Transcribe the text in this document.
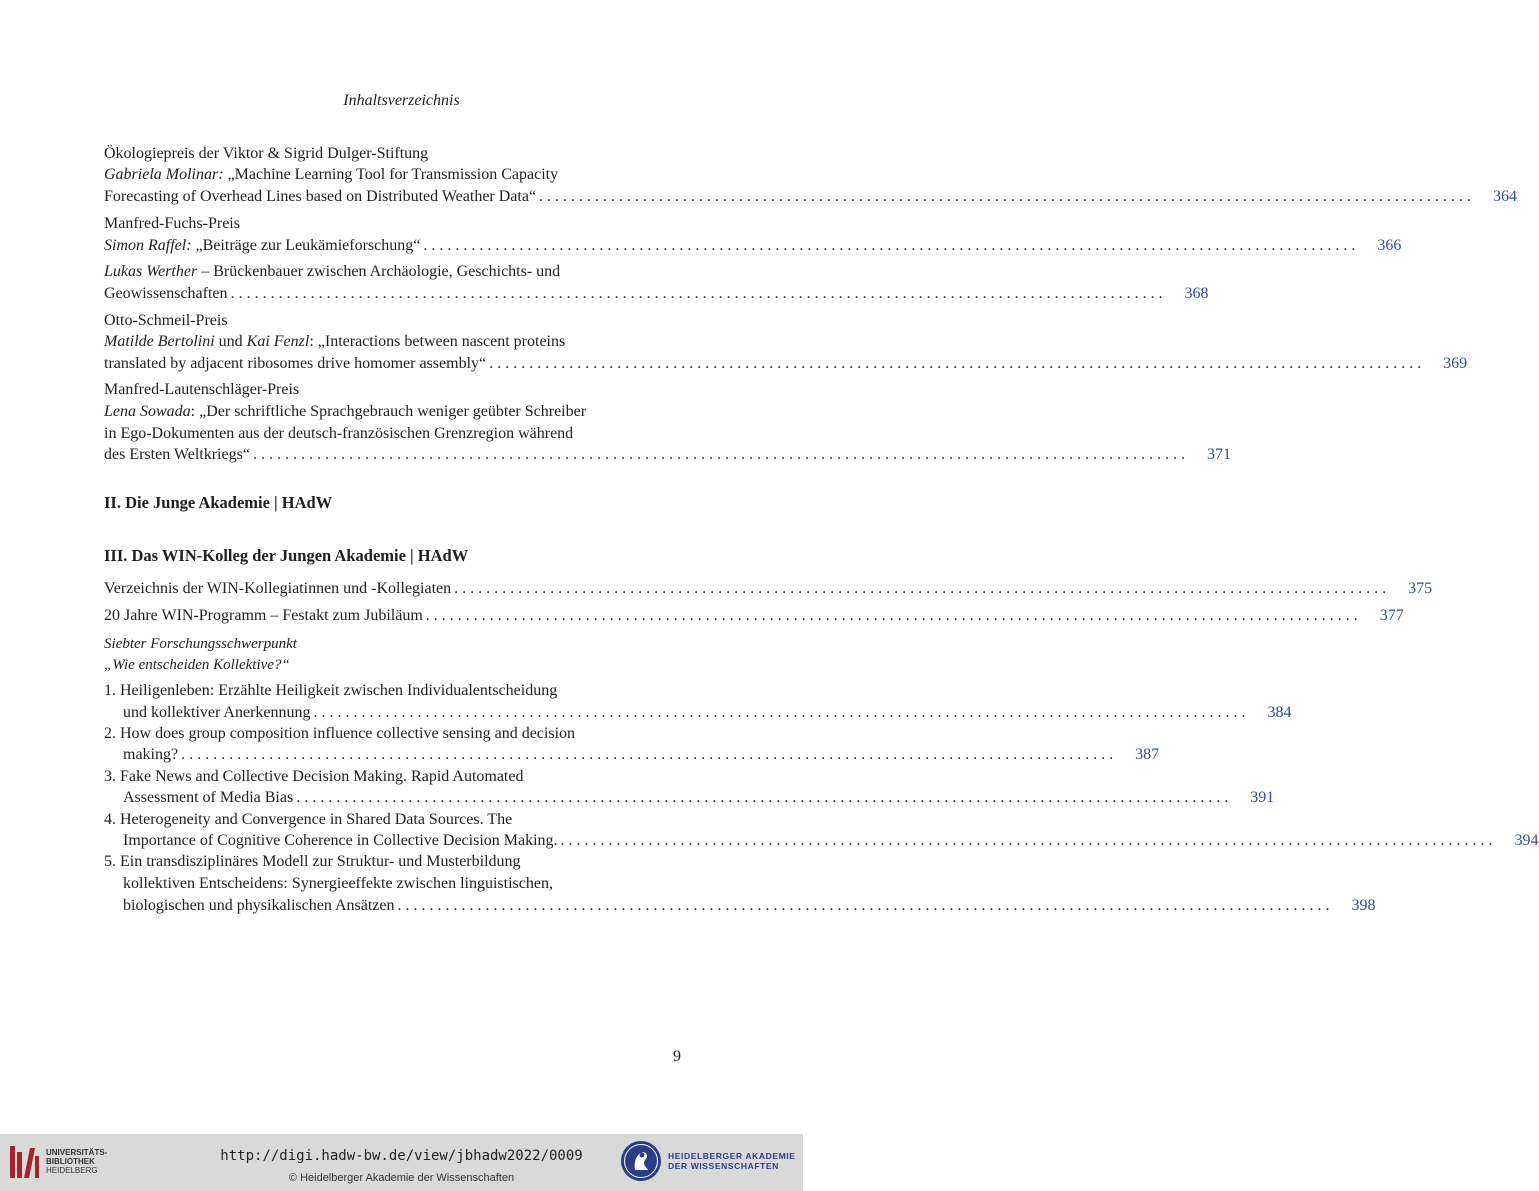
Inhaltsverzeichnis
Ökologiepreis der Viktor & Sigrid Dulger-Stiftung
Gabriela Molinar: „Machine Learning Tool for Transmission Capacity
Forecasting of Overhead Lines based on Distributed Weather Data“ . . .	364
Manfred-Fuchs-Preis
Simon Raffel: „Beiträge zur Leukämieforschung“ . . .	366
Lukas Werther – Brückenbauer zwischen Archäologie, Geschichts- und
Geowissenschaften . . .	368
Otto-Schmeil-Preis
Matilde Bertolini und Kai Fenzl: „Interactions between nascent proteins
translated by adjacent ribosomes drive homomer assembly“ . . .	369
Manfred-Lautenschläger-Preis
Lena Sowada: „Der schriftliche Sprachgebrauch weniger geübter Schreiber
in Ego-Dokumenten aus der deutsch-französischen Grenzregion während
des Ersten Weltkriegs“ . . .	371
II. Die Junge Akademie | HAdW
III. Das WIN-Kolleg der Jungen Akademie | HAdW
Verzeichnis der WIN-Kollegiatinnen und -Kollegiaten . . .	375
20 Jahre WIN-Programm – Festakt zum Jubiläum . . .	377
Siebter Forschungsschwerpunkt
„Wie entscheiden Kollektive?“
1. Heiligenleben: Erzählte Heiligkeit zwischen Individualentscheidung
und kollektiver Anerkennung . . .	384
2. How does group composition influence collective sensing and decision
making? . . .	387
3. Fake News and Collective Decision Making. Rapid Automated
Assessment of Media Bias . . .	391
4. Heterogeneity and Convergence in Shared Data Sources. The
Importance of Cognitive Coherence in Collective Decision Making. . . .	394
5. Ein transdisziplinäres Modell zur Struktur- und Musterbildung
kollektiven Entscheidens: Synergieeffekte zwischen linguistischen,
biologischen und physikalischen Ansätzen . . .	398
9
UNIVERSITÄTS-
BIBLIOTHEK
HEIDELBERG
http://digi.hadw-bw.de/view/jbhadw2022/0009
© Heidelberger Akademie der Wissenschaften
HEIDELBERGER AKADEMIE
DER WISSENSCHAFTEN
